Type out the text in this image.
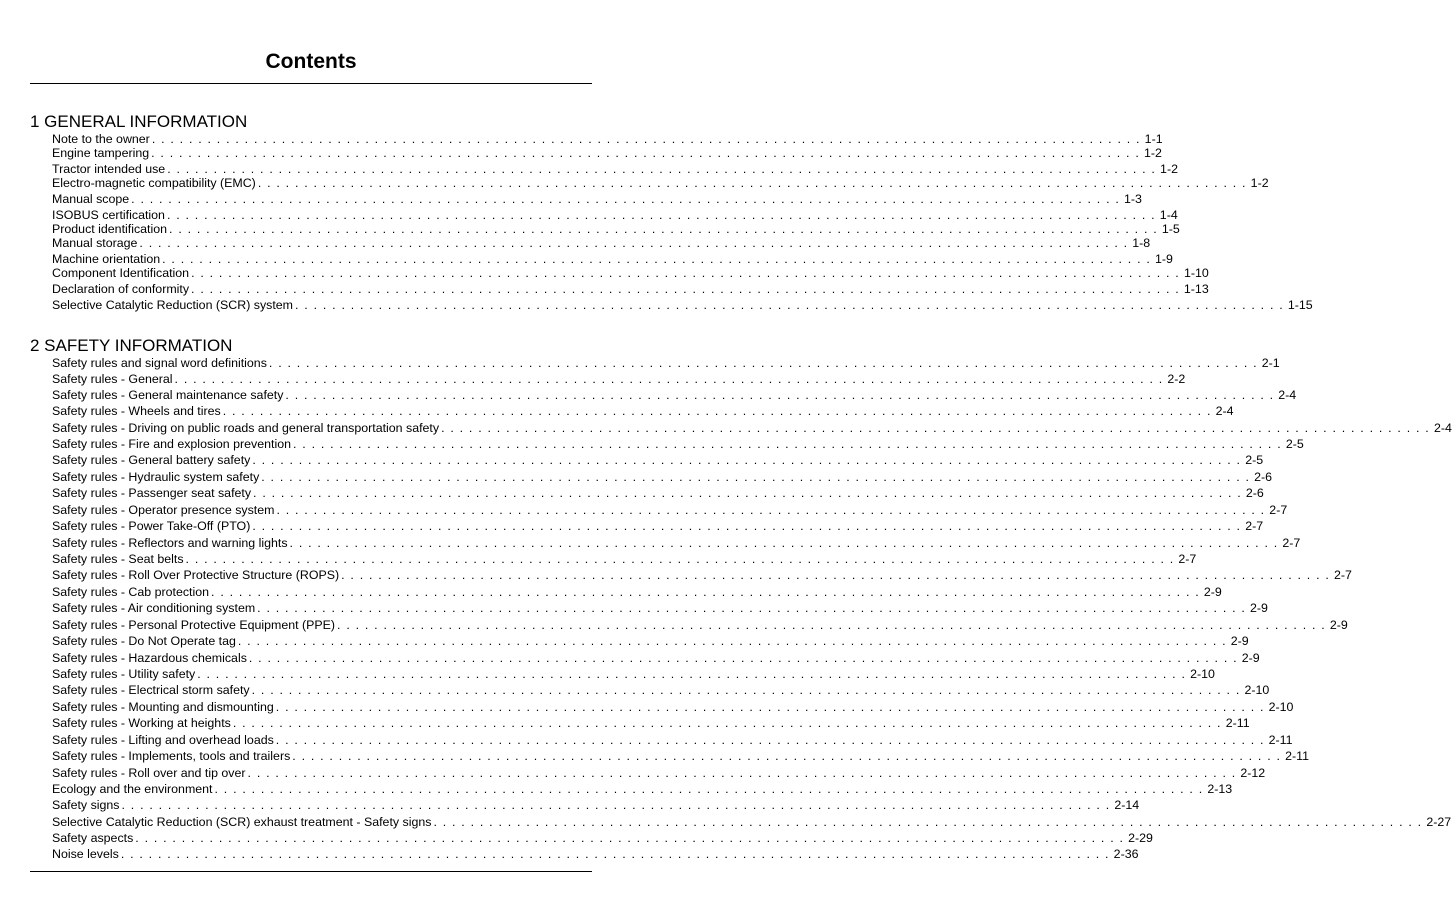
Contents
1 GENERAL INFORMATION
Note to the owner . . . . . . . . . . . . . . . . . . . . . . . . . . . . . . . . . . . . . . . . . . . . . . . . . . . . . . . . . . . . . . . . . . . . . . . . . . . . . . . . . . . . . . . . . . . . . . . . . . . . . . . . . . . 1-1
Engine tampering . . . . . . . . . . . . . . . . . . . . . . . . . . . . . . . . . . . . . . . . . . . . . . . . . . . . . . . . . . . . . . . . . . . . . . . . . . . . . . . . . . . . . . . . . . . . . . . . . . . . . . . . . . . 1-2
Tractor intended use . . . . . . . . . . . . . . . . . . . . . . . . . . . . . . . . . . . . . . . . . . . . . . . . . . . . . . . . . . . . . . . . . . . . . . . . . . . . . . . . . . . . . . . . . . . . . . . . . . . . . . . . . . . 1-2
Electro-magnetic compatibility (EMC) . . . . . . . . . . . . . . . . . . . . . . . . . . . . . . . . . . . . . . . . . . . . . . . . . . . . . . . . . . . . . . . . . . . . . . . . . . . . . . . . . . . . . . . . . . . . . . . . . . . . . . . . . . . 1-2
Manual scope . . . . . . . . . . . . . . . . . . . . . . . . . . . . . . . . . . . . . . . . . . . . . . . . . . . . . . . . . . . . . . . . . . . . . . . . . . . . . . . . . . . . . . . . . . . . . . . . . . . . . . . . . . . 1-3
ISOBUS certification . . . . . . . . . . . . . . . . . . . . . . . . . . . . . . . . . . . . . . . . . . . . . . . . . . . . . . . . . . . . . . . . . . . . . . . . . . . . . . . . . . . . . . . . . . . . . . . . . . . . . . . . . . . 1-4
Product identification . . . . . . . . . . . . . . . . . . . . . . . . . . . . . . . . . . . . . . . . . . . . . . . . . . . . . . . . . . . . . . . . . . . . . . . . . . . . . . . . . . . . . . . . . . . . . . . . . . . . . . . . . . . 1-5
Manual storage . . . . . . . . . . . . . . . . . . . . . . . . . . . . . . . . . . . . . . . . . . . . . . . . . . . . . . . . . . . . . . . . . . . . . . . . . . . . . . . . . . . . . . . . . . . . . . . . . . . . . . . . . . . 1-8
Machine orientation . . . . . . . . . . . . . . . . . . . . . . . . . . . . . . . . . . . . . . . . . . . . . . . . . . . . . . . . . . . . . . . . . . . . . . . . . . . . . . . . . . . . . . . . . . . . . . . . . . . . . . . . . . . 1-9
Component Identification . . . . . . . . . . . . . . . . . . . . . . . . . . . . . . . . . . . . . . . . . . . . . . . . . . . . . . . . . . . . . . . . . . . . . . . . . . . . . . . . . . . . . . . . . . . . . . . . . . . . . . . . . . . 1-10
Declaration of conformity . . . . . . . . . . . . . . . . . . . . . . . . . . . . . . . . . . . . . . . . . . . . . . . . . . . . . . . . . . . . . . . . . . . . . . . . . . . . . . . . . . . . . . . . . . . . . . . . . . . . . . . . . . . 1-13
Selective Catalytic Reduction (SCR) system . . . . . . . . . . . . . . . . . . . . . . . . . . . . . . . . . . . . . . . . . . . . . . . . . . . . . . . . . . . . . . . . . . . . . . . . . . . . . . . . . . . . . . . . . . . . . . . . . . . . . . . . . . . 1-15
2 SAFETY INFORMATION
Safety rules and signal word definitions . . . . . . . . . . . . . . . . . . . . . . . . . . . . . . . . . . . . . . . . . . . . . . . . . . . . . . . . . . . . . . . . . . . . . . . . . . . . . . . . . . . . . . . . . . . . . . . . . . . . . . . . . . . 2-1
Safety rules - General . . . . . . . . . . . . . . . . . . . . . . . . . . . . . . . . . . . . . . . . . . . . . . . . . . . . . . . . . . . . . . . . . . . . . . . . . . . . . . . . . . . . . . . . . . . . . . . . . . . . . . . . . . . 2-2
Safety rules - General maintenance safety . . . . . . . . . . . . . . . . . . . . . . . . . . . . . . . . . . . . . . . . . . . . . . . . . . . . . . . . . . . . . . . . . . . . . . . . . . . . . . . . . . . . . . . . . . . . . . . . . . . . . . . . . . . 2-4
Safety rules - Wheels and tires . . . . . . . . . . . . . . . . . . . . . . . . . . . . . . . . . . . . . . . . . . . . . . . . . . . . . . . . . . . . . . . . . . . . . . . . . . . . . . . . . . . . . . . . . . . . . . . . . . . . . . . . . . . 2-4
Safety rules - Driving on public roads and general transportation safety . . . . . . . . . . . . . . . . . . . . . . . . . . . . . . . . . . . . . . . . . . . . . . . . . . . . . . . . . . . . . . . . . . . . . . . . . . . . . . . . . . . . . . . . . . . . . . . . . . . . . . . . . . . 2-4
Safety rules - Fire and explosion prevention . . . . . . . . . . . . . . . . . . . . . . . . . . . . . . . . . . . . . . . . . . . . . . . . . . . . . . . . . . . . . . . . . . . . . . . . . . . . . . . . . . . . . . . . . . . . . . . . . . . . . . . . . . . 2-5
Safety rules - General battery safety . . . . . . . . . . . . . . . . . . . . . . . . . . . . . . . . . . . . . . . . . . . . . . . . . . . . . . . . . . . . . . . . . . . . . . . . . . . . . . . . . . . . . . . . . . . . . . . . . . . . . . . . . . . 2-5
Safety rules - Hydraulic system safety . . . . . . . . . . . . . . . . . . . . . . . . . . . . . . . . . . . . . . . . . . . . . . . . . . . . . . . . . . . . . . . . . . . . . . . . . . . . . . . . . . . . . . . . . . . . . . . . . . . . . . . . . . . 2-6
Safety rules - Passenger seat safety . . . . . . . . . . . . . . . . . . . . . . . . . . . . . . . . . . . . . . . . . . . . . . . . . . . . . . . . . . . . . . . . . . . . . . . . . . . . . . . . . . . . . . . . . . . . . . . . . . . . . . . . . . . 2-6
Safety rules - Operator presence system . . . . . . . . . . . . . . . . . . . . . . . . . . . . . . . . . . . . . . . . . . . . . . . . . . . . . . . . . . . . . . . . . . . . . . . . . . . . . . . . . . . . . . . . . . . . . . . . . . . . . . . . . . . 2-7
Safety rules - Power Take-Off (PTO) . . . . . . . . . . . . . . . . . . . . . . . . . . . . . . . . . . . . . . . . . . . . . . . . . . . . . . . . . . . . . . . . . . . . . . . . . . . . . . . . . . . . . . . . . . . . . . . . . . . . . . . . . . . 2-7
Safety rules - Reflectors and warning lights . . . . . . . . . . . . . . . . . . . . . . . . . . . . . . . . . . . . . . . . . . . . . . . . . . . . . . . . . . . . . . . . . . . . . . . . . . . . . . . . . . . . . . . . . . . . . . . . . . . . . . . . . . . 2-7
Safety rules - Seat belts . . . . . . . . . . . . . . . . . . . . . . . . . . . . . . . . . . . . . . . . . . . . . . . . . . . . . . . . . . . . . . . . . . . . . . . . . . . . . . . . . . . . . . . . . . . . . . . . . . . . . . . . . . . 2-7
Safety rules - Roll Over Protective Structure (ROPS) . . . . . . . . . . . . . . . . . . . . . . . . . . . . . . . . . . . . . . . . . . . . . . . . . . . . . . . . . . . . . . . . . . . . . . . . . . . . . . . . . . . . . . . . . . . . . . . . . . . . . . . . . . . 2-7
Safety rules - Cab protection . . . . . . . . . . . . . . . . . . . . . . . . . . . . . . . . . . . . . . . . . . . . . . . . . . . . . . . . . . . . . . . . . . . . . . . . . . . . . . . . . . . . . . . . . . . . . . . . . . . . . . . . . . . 2-9
Safety rules - Air conditioning system . . . . . . . . . . . . . . . . . . . . . . . . . . . . . . . . . . . . . . . . . . . . . . . . . . . . . . . . . . . . . . . . . . . . . . . . . . . . . . . . . . . . . . . . . . . . . . . . . . . . . . . . . . . 2-9
Safety rules - Personal Protective Equipment (PPE) . . . . . . . . . . . . . . . . . . . . . . . . . . . . . . . . . . . . . . . . . . . . . . . . . . . . . . . . . . . . . . . . . . . . . . . . . . . . . . . . . . . . . . . . . . . . . . . . . . . . . . . . . . . 2-9
Safety rules - Do Not Operate tag . . . . . . . . . . . . . . . . . . . . . . . . . . . . . . . . . . . . . . . . . . . . . . . . . . . . . . . . . . . . . . . . . . . . . . . . . . . . . . . . . . . . . . . . . . . . . . . . . . . . . . . . . . . 2-9
Safety rules - Hazardous chemicals . . . . . . . . . . . . . . . . . . . . . . . . . . . . . . . . . . . . . . . . . . . . . . . . . . . . . . . . . . . . . . . . . . . . . . . . . . . . . . . . . . . . . . . . . . . . . . . . . . . . . . . . . . . 2-9
Safety rules - Utility safety . . . . . . . . . . . . . . . . . . . . . . . . . . . . . . . . . . . . . . . . . . . . . . . . . . . . . . . . . . . . . . . . . . . . . . . . . . . . . . . . . . . . . . . . . . . . . . . . . . . . . . . . . . . 2-10
Safety rules - Electrical storm safety . . . . . . . . . . . . . . . . . . . . . . . . . . . . . . . . . . . . . . . . . . . . . . . . . . . . . . . . . . . . . . . . . . . . . . . . . . . . . . . . . . . . . . . . . . . . . . . . . . . . . . . . . . . 2-10
Safety rules - Mounting and dismounting . . . . . . . . . . . . . . . . . . . . . . . . . . . . . . . . . . . . . . . . . . . . . . . . . . . . . . . . . . . . . . . . . . . . . . . . . . . . . . . . . . . . . . . . . . . . . . . . . . . . . . . . . . . 2-10
Safety rules - Working at heights . . . . . . . . . . . . . . . . . . . . . . . . . . . . . . . . . . . . . . . . . . . . . . . . . . . . . . . . . . . . . . . . . . . . . . . . . . . . . . . . . . . . . . . . . . . . . . . . . . . . . . . . . . . 2-11
Safety rules - Lifting and overhead loads . . . . . . . . . . . . . . . . . . . . . . . . . . . . . . . . . . . . . . . . . . . . . . . . . . . . . . . . . . . . . . . . . . . . . . . . . . . . . . . . . . . . . . . . . . . . . . . . . . . . . . . . . . . 2-11
Safety rules - Implements, tools and trailers . . . . . . . . . . . . . . . . . . . . . . . . . . . . . . . . . . . . . . . . . . . . . . . . . . . . . . . . . . . . . . . . . . . . . . . . . . . . . . . . . . . . . . . . . . . . . . . . . . . . . . . . . . . 2-11
Safety rules - Roll over and tip over . . . . . . . . . . . . . . . . . . . . . . . . . . . . . . . . . . . . . . . . . . . . . . . . . . . . . . . . . . . . . . . . . . . . . . . . . . . . . . . . . . . . . . . . . . . . . . . . . . . . . . . . . . . 2-12
Ecology and the environment . . . . . . . . . . . . . . . . . . . . . . . . . . . . . . . . . . . . . . . . . . . . . . . . . . . . . . . . . . . . . . . . . . . . . . . . . . . . . . . . . . . . . . . . . . . . . . . . . . . . . . . . . . . 2-13
Safety signs . . . . . . . . . . . . . . . . . . . . . . . . . . . . . . . . . . . . . . . . . . . . . . . . . . . . . . . . . . . . . . . . . . . . . . . . . . . . . . . . . . . . . . . . . . . . . . . . . . . . . . . . . . . 2-14
Selective Catalytic Reduction (SCR) exhaust treatment - Safety signs . . . . . . . . . . . . . . . . . . . . . . . . . . . . . . . . . . . . . . . . . . . . . . . . . . . . . . . . . . . . . . . . . . . . . . . . . . . . . . . . . . . . . . . . . . . . . . . . . . . . . . . . . . . 2-27
Safety aspects . . . . . . . . . . . . . . . . . . . . . . . . . . . . . . . . . . . . . . . . . . . . . . . . . . . . . . . . . . . . . . . . . . . . . . . . . . . . . . . . . . . . . . . . . . . . . . . . . . . . . . . . . . . 2-29
Noise levels . . . . . . . . . . . . . . . . . . . . . . . . . . . . . . . . . . . . . . . . . . . . . . . . . . . . . . . . . . . . . . . . . . . . . . . . . . . . . . . . . . . . . . . . . . . . . . . . . . . . . . . . . . . 2-36
